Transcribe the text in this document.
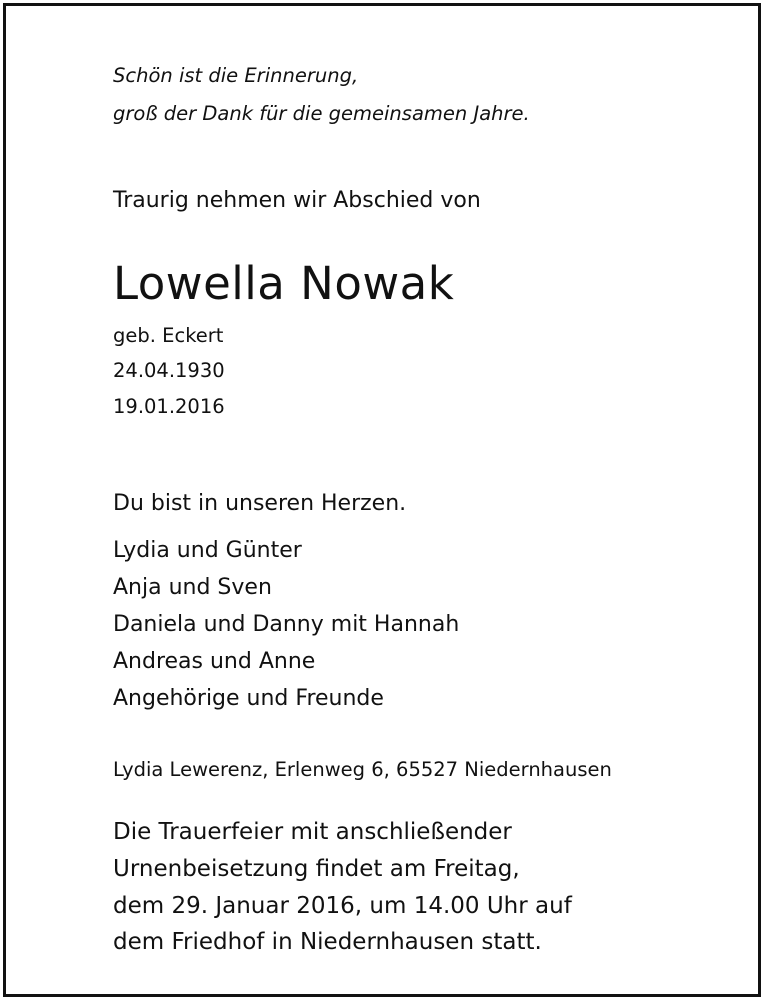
Schön ist die Erinnerung,
groß der Dank für die gemeinsamen Jahre.
Traurig nehmen wir Abschied von
Lowella Nowak
geb. Eckert
24.04.1930
19.01.2016
Du bist in unseren Herzen.
Lydia und Günter
Anja und Sven
Daniela und Danny mit Hannah
Andreas und Anne
Angehörige und Freunde
Lydia Lewerenz, Erlenweg 6, 65527 Niedernhausen
Die Trauerfeier mit anschließender
Urnenbeisetzung findet am Freitag,
dem 29. Januar 2016, um 14.00 Uhr auf
dem Friedhof in Niedernhausen statt.
